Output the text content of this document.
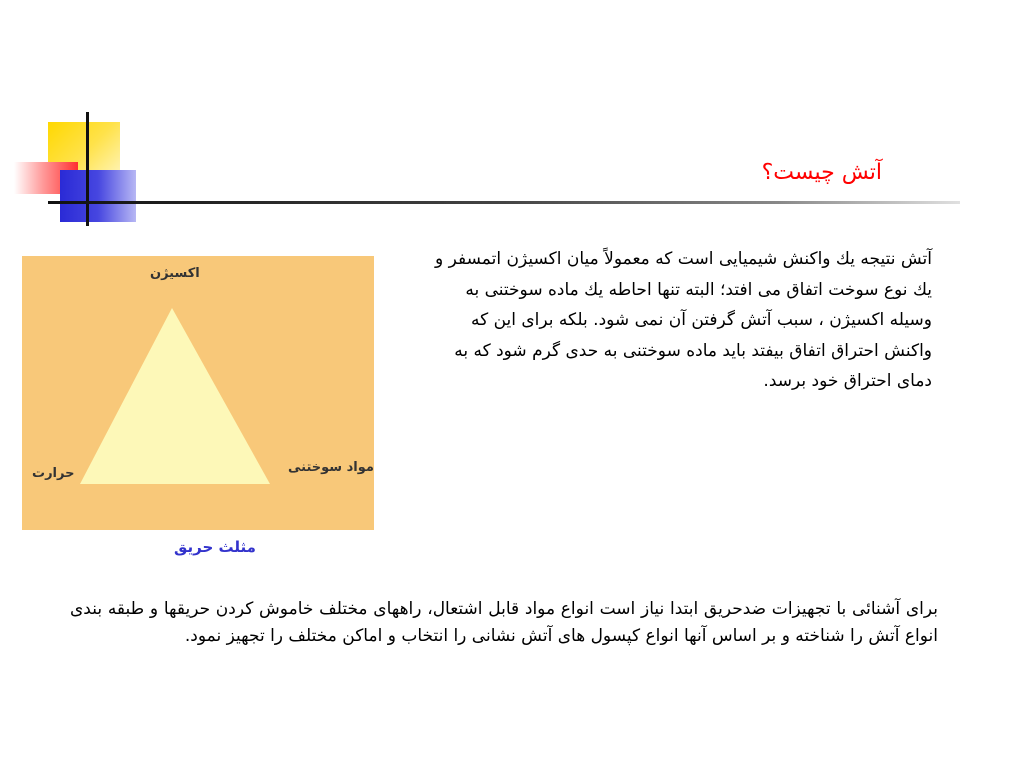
آتش چیست؟

آتش نتیجه يك واكنش شيميايی است كه معمولاً ميان اكسيژن اتمسفر و يك نوع سوخت اتفاق می افتد؛ البته تنها احاطه يك ماده سوختنی به وسيله اكسيژن ، سبب آتش گرفتن آن نمی شود. بلكه برای اين كه واكنش احتراق اتفاق بيفتد بايد ماده سوختنی به حدی گرم شود كه به دمای احتراق خود برسد.

اكسيژن
حرارت	مواد سوختنی
مثلث حریق

برای آشنائی با تجهیزات ضدحریق ابتدا نیاز است انواع مواد قابل اشتعال، راههای مختلف خاموش کردن حریقها و طبقه بندی انواع آتش را شناخته و بر اساس آنها انواع کپسول های آتش نشانی را انتخاب و اماکن مختلف را تجهیز نمود.
